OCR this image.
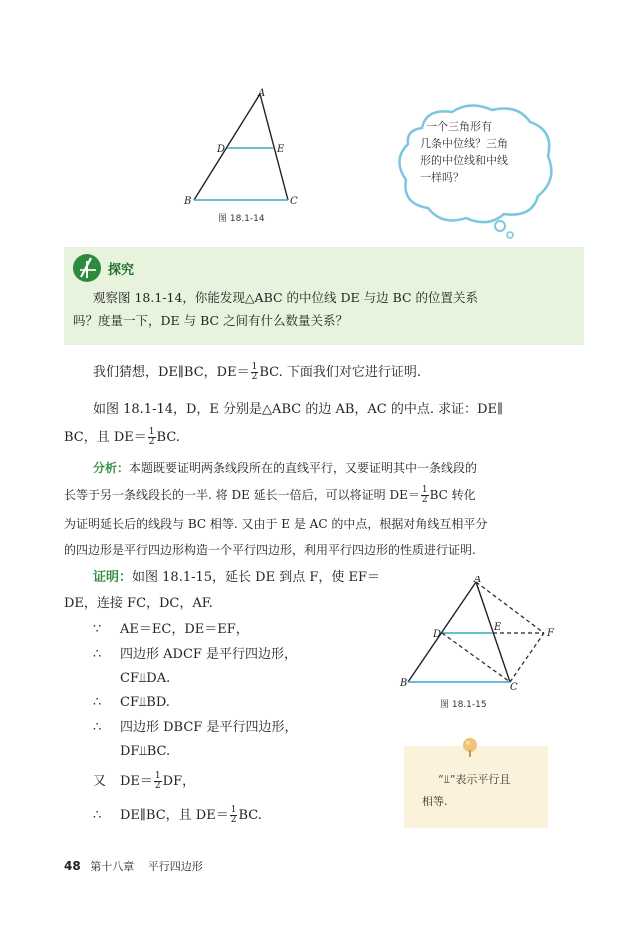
A
D	E
B	C
图 18.1-14
一个三角形有
几条中位线？三角
形的中位线和中线
一样吗？
探究
观察图 18.1-14，你能发现△ABC 的中位线 DE 与边 BC 的位置关系
吗？度量一下，DE 与 BC 之间有什么数量关系？
我们猜想，DE∥BC，$DE= \frac{1}{2}$ BC. 下面我们对它进行证明.
如图 18.1-14，D，E 分别是△ABC 的边 AB，AC 的中点. 求证：DE∥
BC，且 $DE= \frac{1}{2}$ BC.
分析：本题既要证明两条线段所在的直线平行，又要证明其中一条线段的
长等于另一条线段长的一半. 将 DE 延长一倍后，可以将证明 $DE= \frac{1}{2}$ BC 转化
为证明延长后的线段与 BC 相等. 又由于 E 是 AC 的中点，根据对角线互相平分
的四边形是平行四边形构造一个平行四边形，利用平行四边形的性质进行证明.
证明：如图 18.1-15，延长 DE 到点 F，使 EF＝
DE，连接 FC，DC，AF.
∵ AE＝EC，DE＝EF，
∴ 四边形 ADCF 是平行四边形，
CF⫫DA.
∴ CF⫫BD.
∴ 四边形 DBCF 是平行四边形，
DF⫫BC.
又 $DE= \frac{1}{2}$ DF，
∴ DE∥BC，且 $DE= \frac{1}{2}$ BC.
A
D
E
F
B	C
图 18.1-15
“⫫”表示平行且
相等.
48 第十八章 平行四边形
